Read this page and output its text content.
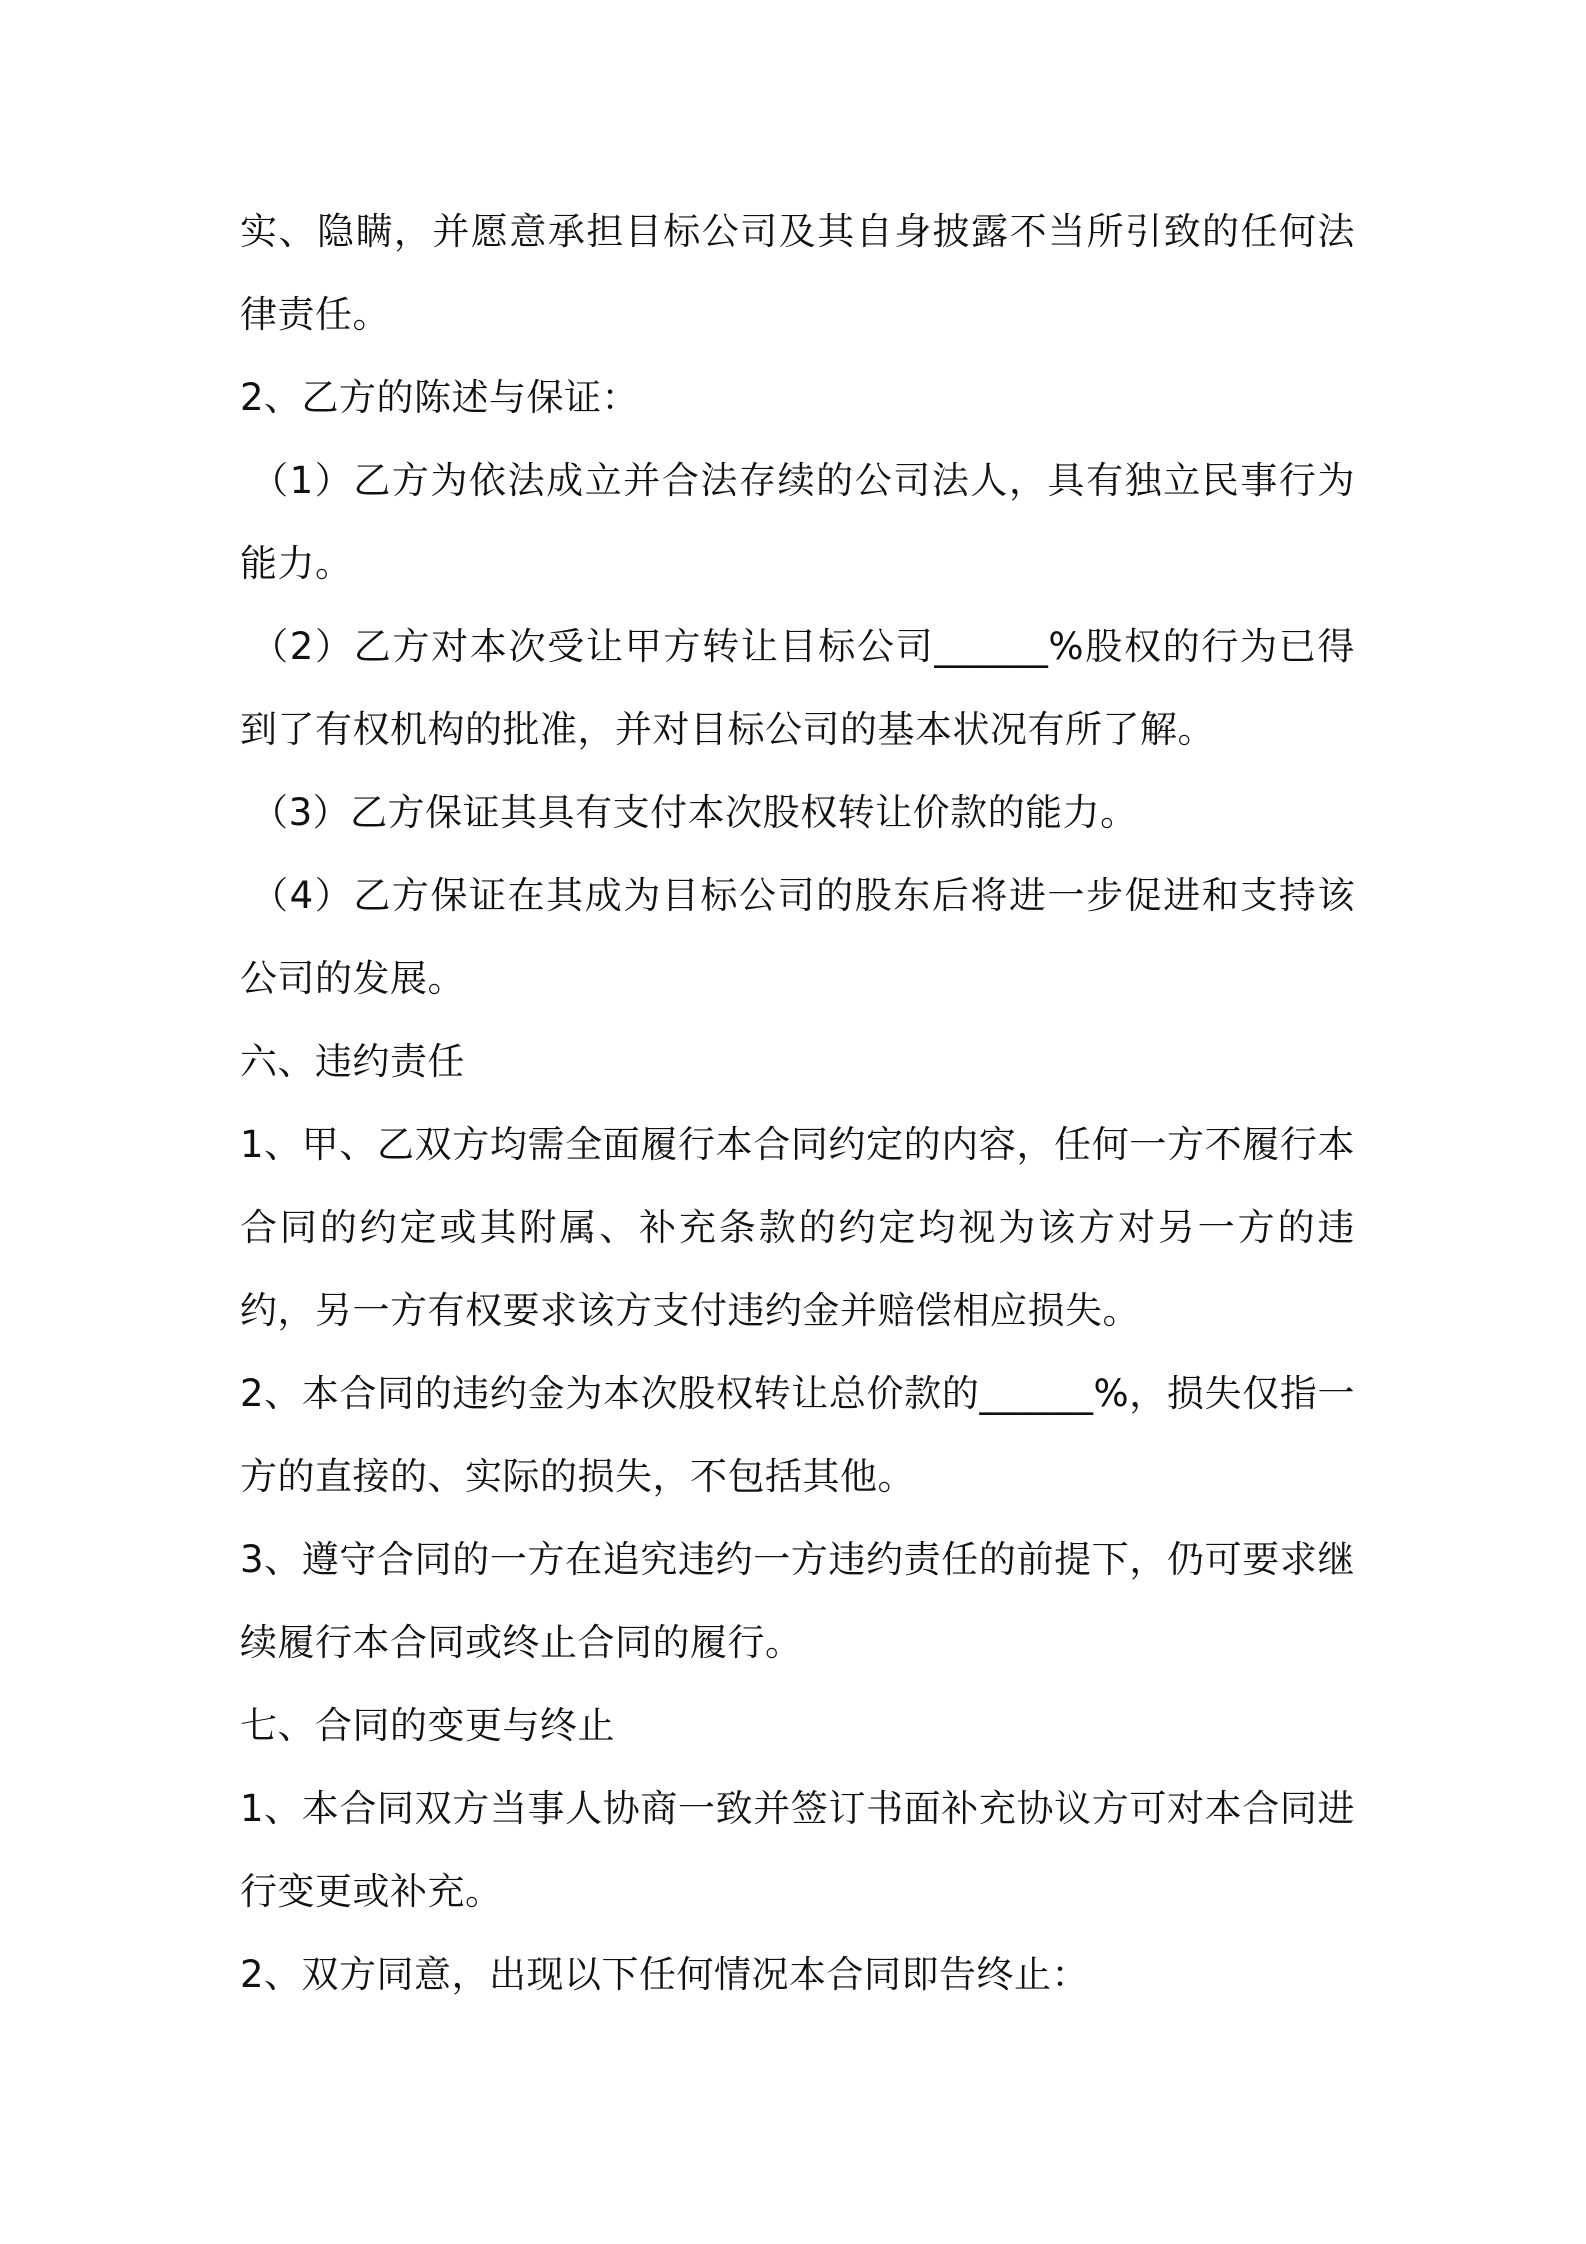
实、隐瞒，并愿意承担目标公司及其自身披露不当所引致的任何法律责任。

2、乙方的陈述与保证：

（1）乙方为依法成立并合法存续的公司法人，具有独立民事行为能力。

（2）乙方对本次受让甲方转让目标公司______%股权的行为已得到了有权机构的批准，并对目标公司的基本状况有所了解。

（3）乙方保证其具有支付本次股权转让价款的能力。

（4）乙方保证在其成为目标公司的股东后将进一步促进和支持该公司的发展。

六、违约责任

1、甲、乙双方均需全面履行本合同约定的内容，任何一方不履行本合同的约定或其附属、补充条款的约定均视为该方对另一方的违约，另一方有权要求该方支付违约金并赔偿相应损失。

2、本合同的违约金为本次股权转让总价款的______%，损失仅指一方的直接的、实际的损失，不包括其他。

3、遵守合同的一方在追究违约一方违约责任的前提下，仍可要求继续履行本合同或终止合同的履行。

七、合同的变更与终止

1、本合同双方当事人协商一致并签订书面补充协议方可对本合同进行变更或补充。

2、双方同意，出现以下任何情况本合同即告终止：
